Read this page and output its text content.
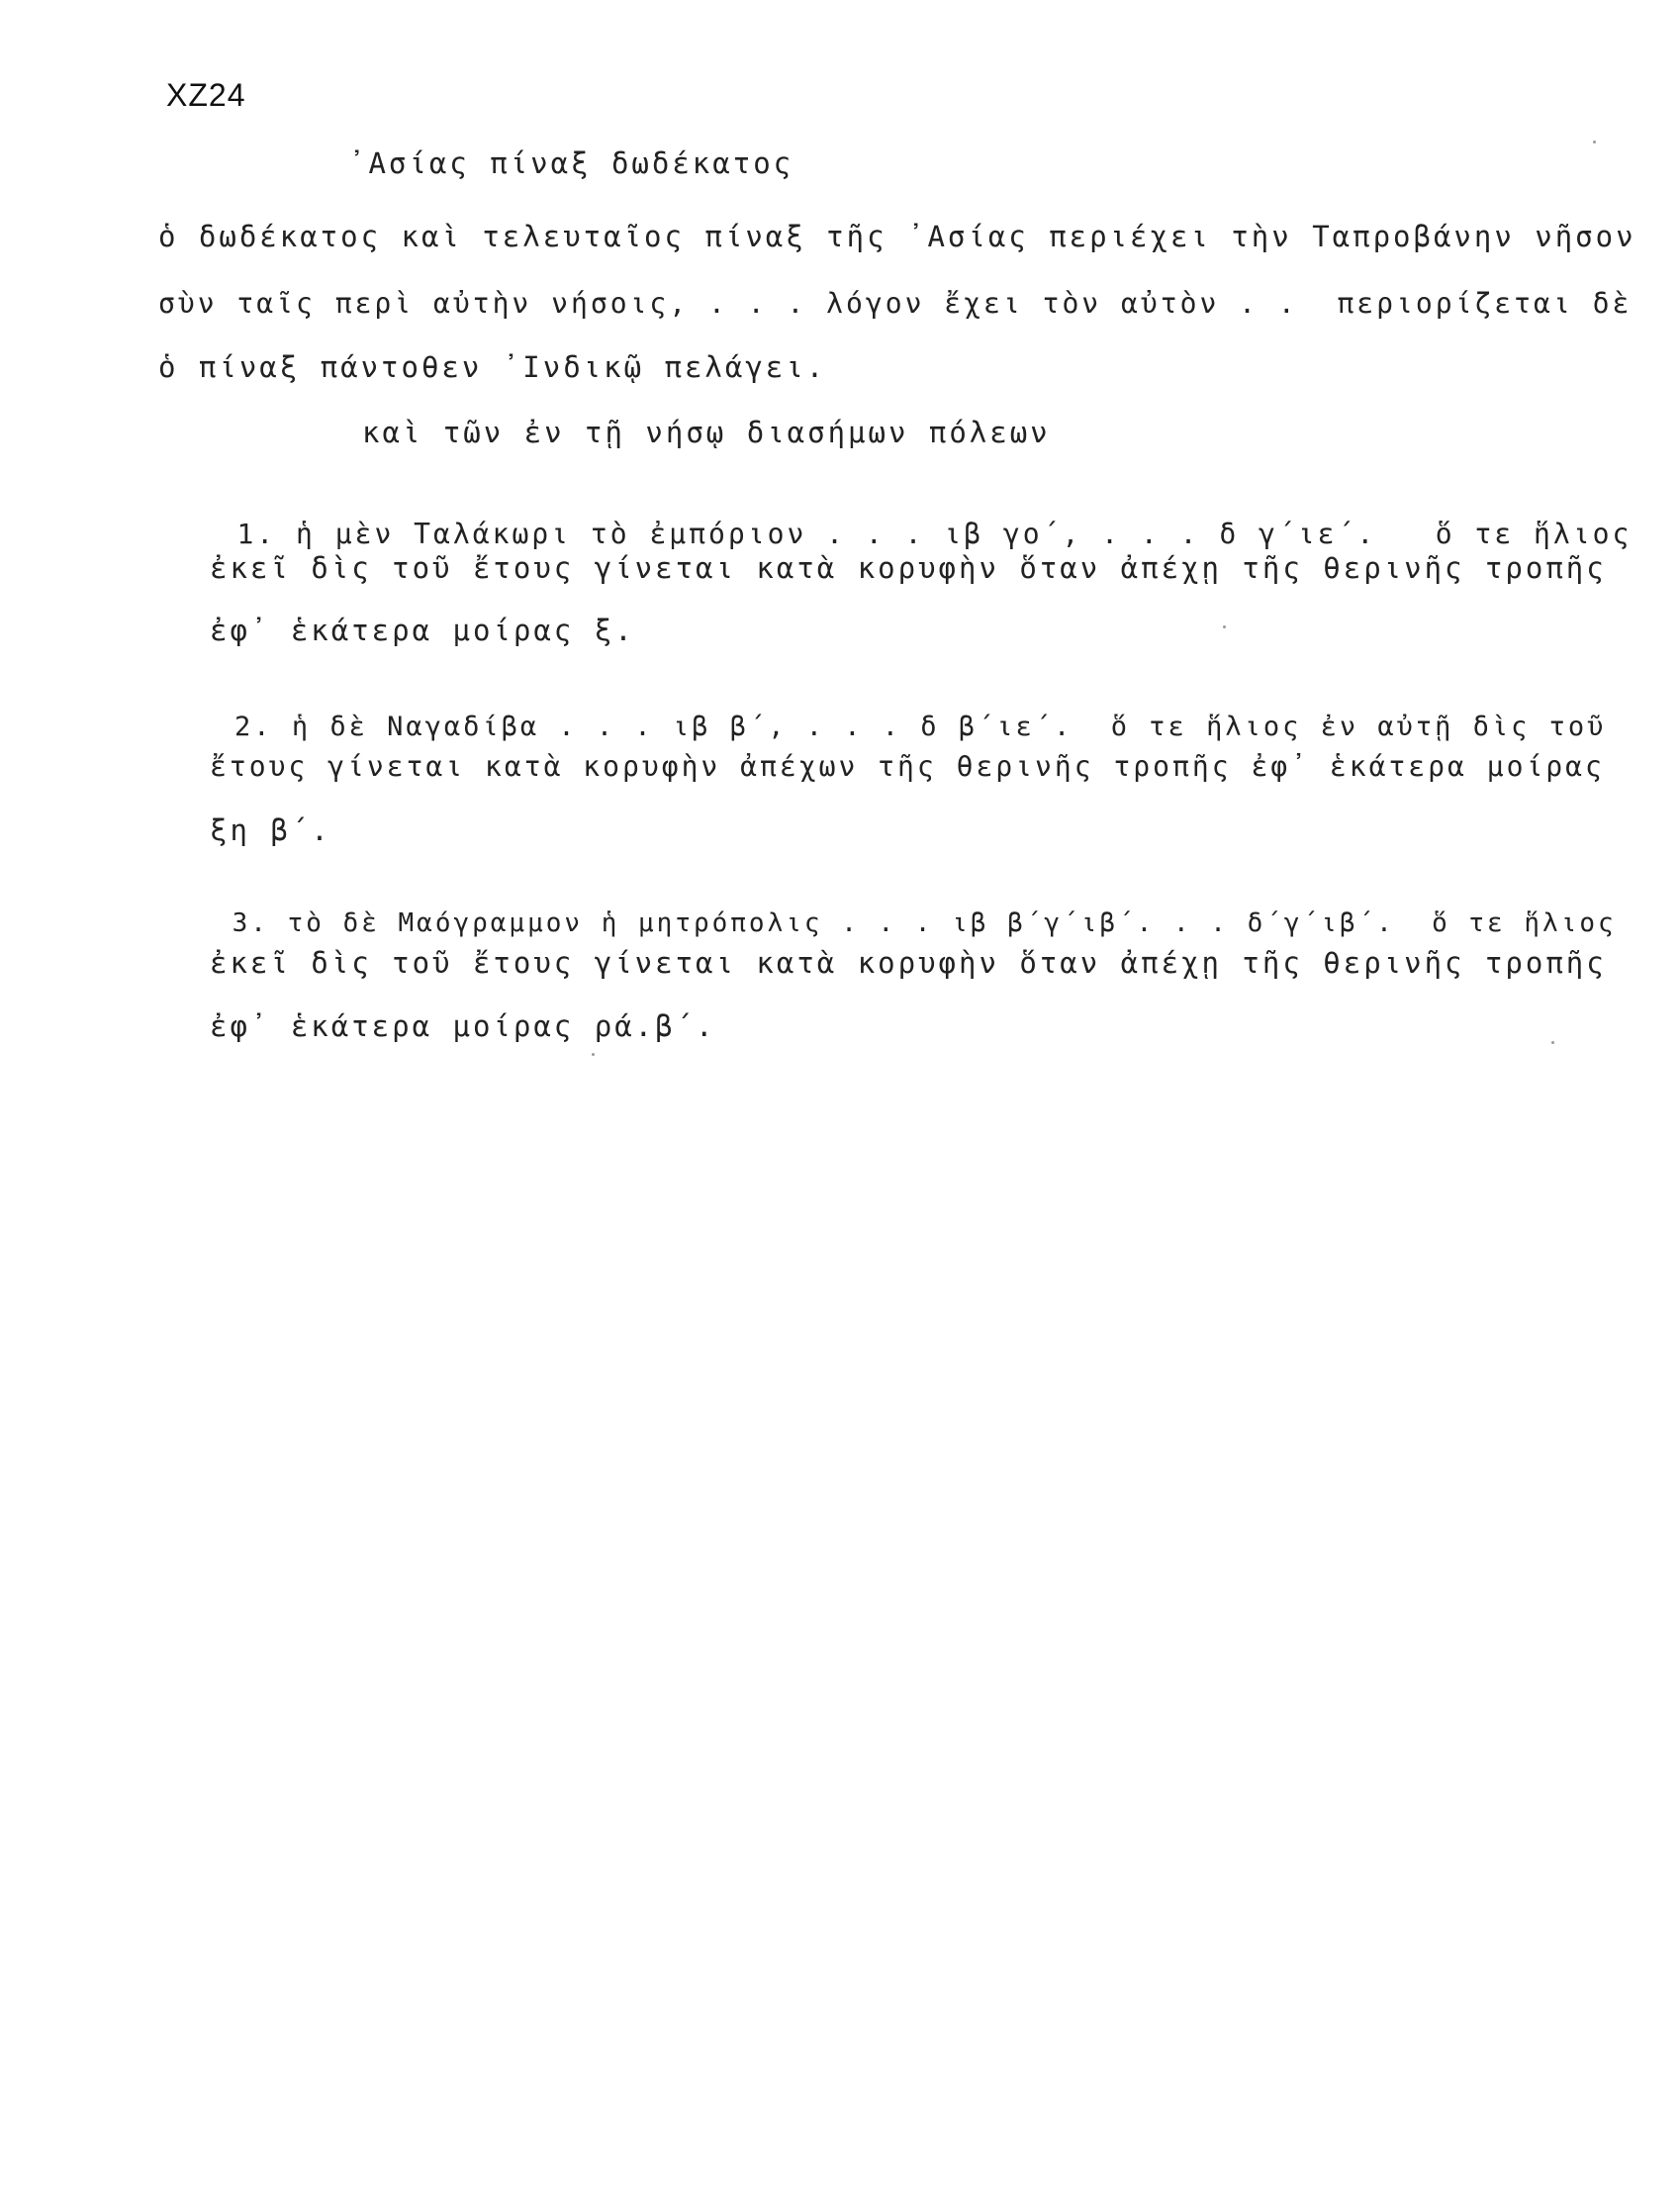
XZ24
᾿Ασίας πίναξ δωδέκατος
ὁ δωδέκατος καὶ τελευταῖος πίναξ τῆς ᾿Ασίας περιέχει τὴν Ταπροβάνην νῆσον
σὺν ταῖς περὶ αὐτὴν νήσοις, . . . λόγον ἔχει τὸν αὐτὸν . .  περιορίζεται δὲ
ὁ πίναξ πάντοθεν ᾿Ινδικῷ πελάγει.
καὶ τῶν ἐν τῇ νήσῳ διασήμων πόλεων

1. ἡ μὲν Ταλάκωρι τὸ ἐμπόριον . . . ιβ γο΄, . . . δ γ΄ιε΄.   ὅ τε ἥλιος

ἐκεῖ δὶς τοῦ ἔτους γίνεται κατὰ κορυφὴν ὅταν ἀπέχῃ τῆς θερινῆς τροπῆς
ἐφ᾿ ἑκάτερα μοίρας ξ.

2. ἡ δὲ Ναγαδίβα . . . ιβ β΄, . . . δ β΄ιε΄.  ὅ τε ἥλιος ἐν αὐτῇ δὶς τοῦ

ἔτους γίνεται κατὰ κορυφὴν ἀπέχων τῆς θερινῆς τροπῆς ἐφ᾿ ἑκάτερα μοίρας
ξη β΄.

3. τὸ δὲ Μαόγραμμον ἡ μητρόπολις . . . ιβ β΄γ΄ιβ΄. . . δ΄γ΄ιβ΄.  ὅ τε ἥλιος

ἐκεῖ δὶς τοῦ ἔτους γίνεται κατὰ κορυφὴν ὅταν ἀπέχῃ τῆς θερινῆς τροπῆς
ἐφ᾿ ἑκάτερα μοίρας ρά.β΄.
